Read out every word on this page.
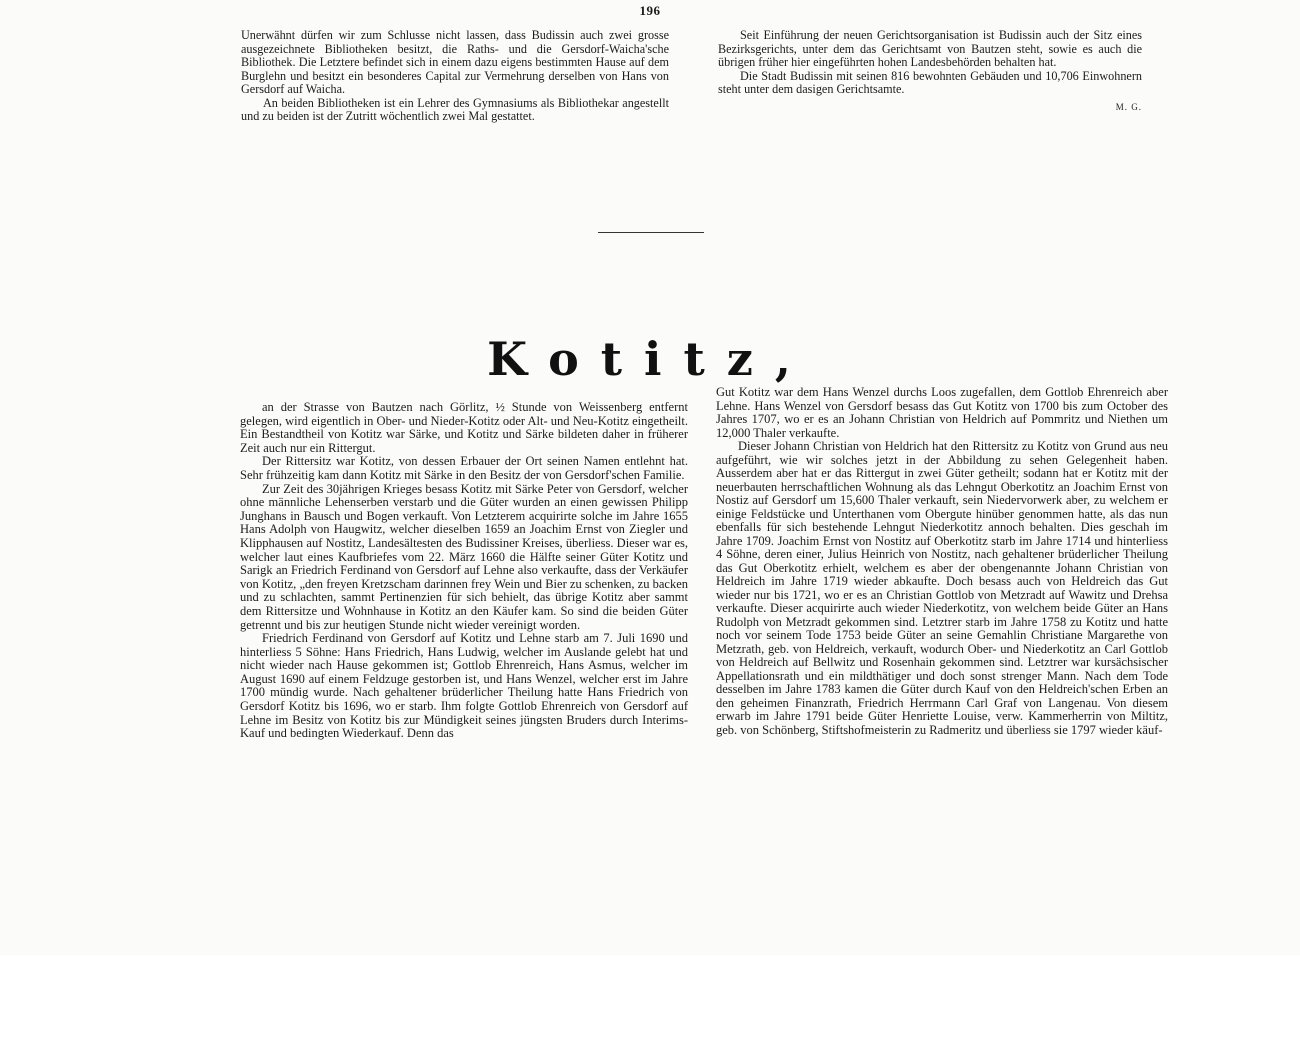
196

Unerwähnt dürfen wir zum Schlusse nicht lassen, dass Budissin auch zwei grosse ausgezeichnete Bibliotheken besitzt, die Raths- und die Gersdorf-Waicha'sche Bibliothek. Die Letztere befindet sich in einem dazu eigens bestimmten Hause auf dem Burglehn und besitzt ein besonderes Capital zur Vermehrung derselben von Hans von Gersdorf auf Waicha.

An beiden Bibliotheken ist ein Lehrer des Gymnasiums als Bibliothekar angestellt und zu beiden ist der Zutritt wöchentlich zwei Mal gestattet.

Seit Einführung der neuen Gerichtsorganisation ist Budissin auch der Sitz eines Bezirksgerichts, unter dem das Gerichtsamt von Bautzen steht, sowie es auch die übrigen früher hier eingeführten hohen Landesbehörden behalten hat.

Die Stadt Budissin mit seinen 816 bewohnten Gebäuden und 10,706 Einwohnern steht unter dem dasigen Gerichtsamte.

M. G.

Kotitz,

an der Strasse von Bautzen nach Görlitz, ½ Stunde von Weissenberg entfernt gelegen, wird eigentlich in Ober- und Nieder-Kotitz oder Alt- und Neu-Kotitz eingetheilt. Ein Bestandtheil von Kotitz war Särke, und Kotitz und Särke bildeten daher in früherer Zeit auch nur ein Rittergut.

Der Rittersitz war Kotitz, von dessen Erbauer der Ort seinen Namen entlehnt hat. Sehr frühzeitig kam dann Kotitz mit Särke in den Besitz der von Gersdorf'schen Familie.

Zur Zeit des 30jährigen Krieges besass Kotitz mit Särke Peter von Gersdorf, welcher ohne männliche Lehenserben verstarb und die Güter wurden an einen gewissen Philipp Junghans in Bausch und Bogen verkauft. Von Letzterem acquirirte solche im Jahre 1655 Hans Adolph von Haugwitz, welcher dieselben 1659 an Joachim Ernst von Ziegler und Klipphausen auf Nostitz, Landesältesten des Budissiner Kreises, überliess. Dieser war es, welcher laut eines Kaufbriefes vom 22. März 1660 die Hälfte seiner Güter Kotitz und Sarigk an Friedrich Ferdinand von Gersdorf auf Lehne also verkaufte, dass der Verkäufer von Kotitz, „den freyen Kretzscham darinnen frey Wein und Bier zu schenken, zu backen und zu schlachten, sammt Pertinenzien für sich behielt, das übrige Kotitz aber sammt dem Rittersitze und Wohnhause in Kotitz an den Käufer kam. So sind die beiden Güter getrennt und bis zur heutigen Stunde nicht wieder vereinigt worden.

Friedrich Ferdinand von Gersdorf auf Kotitz und Lehne starb am 7. Juli 1690 und hinterliess 5 Söhne: Hans Friedrich, Hans Ludwig, welcher im Auslande gelebt hat und nicht wieder nach Hause gekommen ist; Gottlob Ehrenreich, Hans Asmus, welcher im August 1690 auf einem Feldzuge gestorben ist, und Hans Wenzel, welcher erst im Jahre 1700 mündig wurde. Nach gehaltener brüderlicher Theilung hatte Hans Friedrich von Gersdorf Kotitz bis 1696, wo er starb. Ihm folgte Gottlob Ehrenreich von Gersdorf auf Lehne im Besitz von Kotitz bis zur Mündigkeit seines jüngsten Bruders durch Interims-Kauf und bedingten Wiederkauf. Denn das

Gut Kotitz war dem Hans Wenzel durchs Loos zugefallen, dem Gottlob Ehrenreich aber Lehne. Hans Wenzel von Gersdorf besass das Gut Kotitz von 1700 bis zum October des Jahres 1707, wo er es an Johann Christian von Heldrich auf Pommritz und Niethen um 12,000 Thaler verkaufte.

Dieser Johann Christian von Heldrich hat den Rittersitz zu Kotitz von Grund aus neu aufgeführt, wie wir solches jetzt in der Abbildung zu sehen Gelegenheit haben. Ausserdem aber hat er das Rittergut in zwei Güter getheilt; sodann hat er Kotitz mit der neuerbauten herrschaftlichen Wohnung als das Lehngut Oberkotitz an Joachim Ernst von Nostiz auf Gersdorf um 15,600 Thaler verkauft, sein Niedervorwerk aber, zu welchem er einige Feldstücke und Unterthanen vom Obergute hinüber genommen hatte, als das nun ebenfalls für sich bestehende Lehngut Niederkotitz annoch behalten. Dies geschah im Jahre 1709. Joachim Ernst von Nostitz auf Oberkotitz starb im Jahre 1714 und hinterliess 4 Söhne, deren einer, Julius Heinrich von Nostitz, nach gehaltener brüderlicher Theilung das Gut Oberkotitz erhielt, welchem es aber der obengenannte Johann Christian von Heldreich im Jahre 1719 wieder abkaufte. Doch besass auch von Heldreich das Gut wieder nur bis 1721, wo er es an Christian Gottlob von Metzradt auf Wawitz und Drehsa verkaufte. Dieser acquirirte auch wieder Niederkotitz, von welchem beide Güter an Hans Rudolph von Metzradt gekommen sind. Letztrer starb im Jahre 1758 zu Kotitz und hatte noch vor seinem Tode 1753 beide Güter an seine Gemahlin Christiane Margarethe von Metzrath, geb. von Heldreich, verkauft, wodurch Ober- und Niederkotitz an Carl Gottlob von Heldreich auf Bellwitz und Rosenhain gekommen sind. Letztrer war kursächsischer Appellationsrath und ein mildthätiger und doch sonst strenger Mann. Nach dem Tode desselben im Jahre 1783 kamen die Güter durch Kauf von den Heldreich'schen Erben an den geheimen Finanzrath, Friedrich Herrmann Carl Graf von Langenau. Von diesem erwarb im Jahre 1791 beide Güter Henriette Louise, verw. Kammerherrin von Miltitz, geb. von Schönberg, Stiftshofmeisterin zu Radmeritz und überliess sie 1797 wieder käuf-
